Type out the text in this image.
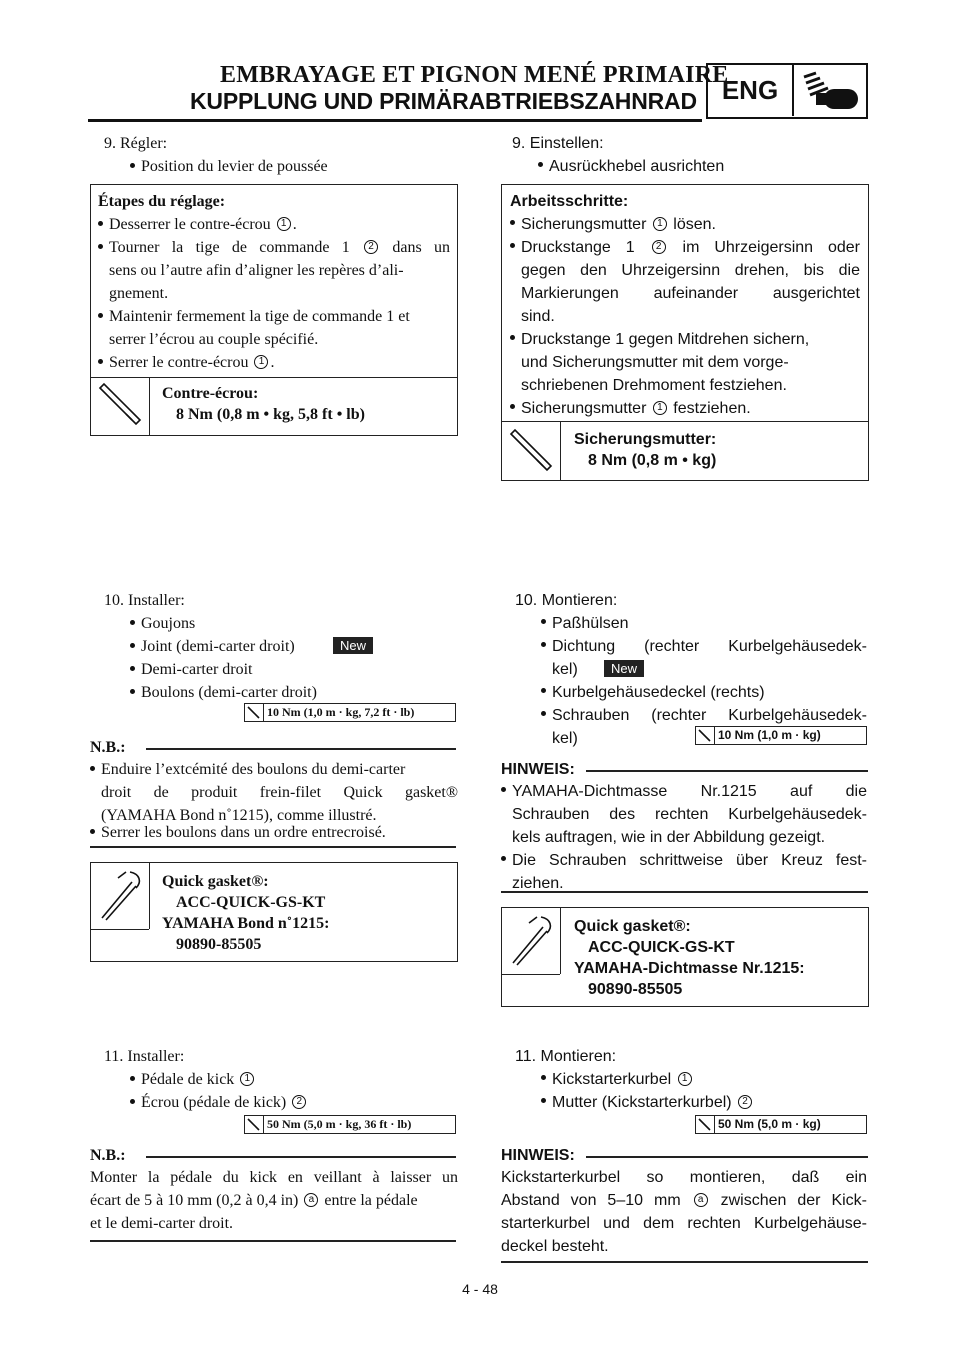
EMBRAYAGE ET PIGNON MENÉ PRIMAIRE
KUPPLUNG UND PRIMÄRABTRIEBSZAHNRAD ENG
9. Régler:
Position du levier de poussée
Étapes du réglage:
Desserrer le contre-écrou 1 .
Tourner la tige de commande 1 2 dans un
sens ou l’autre afin d’aligner les repères d’ali-
gnement.
Maintenir fermement la tige de commande 1 et
serrer l’écrou au couple spécifié.
Serrer le contre-écrou 1 .
Contre-écrou:
8 Nm (0,8 m • kg, 5,8 ft • lb)
10. Installer:
Goujons
Joint (demi-carter droit)	New
Demi-carter droit
Boulons (demi-carter droit)
10 Nm (1,0 m · kg, 7,2 ft · lb)
N.B.:
Enduire l’extcémité des boulons du demi-carter
droit de produit frein-filet Quick gasket®
(YAMAHA Bond n˚1215), comme illustré.
Serrer les boulons dans un ordre entrecroisé.
Quick gasket®:
ACC-QUICK-GS-KT
YAMAHA Bond n˚1215:
90890-85505
11. Installer:
Pédale de kick 1
Écrou (pédale de kick) 2
50 Nm (5,0 m · kg, 36 ft · lb)
N.B.:
Monter la pédale du kick en veillant à laisser un
écart de 5 à 10 mm (0,2 à 0,4 in) a entre la pédale
et le demi-carter droit.
9. Einstellen:
Ausrückhebel ausrichten
Arbeitsschritte:
Sicherungsmutter 1 lösen.
Druckstange 1 2 im Uhrzeigersinn oder
gegen den Uhrzeigersinn drehen, bis die
Markierungen aufeinander ausgerichtet
sind.
Druckstange 1 gegen Mitdrehen sichern,
und Sicherungsmutter mit dem vorge-
schriebenen Drehmoment festziehen.
Sicherungsmutter 1 festziehen.
Sicherungsmutter:
8 Nm (0,8 m • kg)
10. Montieren:
Paßhülsen
Dichtung (rechter Kurbelgehäusedek-
kel)	New
Kurbelgehäusedeckel (rechts)
Schrauben (rechter Kurbelgehäusedek-
kel)	10 Nm (1,0 m · kg)
HINWEIS:
YAMAHA-Dichtmasse Nr.1215 auf die
Schrauben des rechten Kurbelgehäusedek-
kels auftragen, wie in der Abbildung gezeigt.
Die Schrauben schrittweise über Kreuz fest-
ziehen.
Quick gasket®:
ACC-QUICK-GS-KT
YAMAHA-Dichtmasse Nr.1215:
90890-85505
11. Montieren:
Kickstarterkurbel 1
Mutter (Kickstarterkurbel) 2
50 Nm (5,0 m · kg)
HINWEIS:
Kickstarterkurbel so montieren, daß ein
Abstand von 5–10 mm a zwischen der Kick-
starterkurbel und dem rechten Kurbelgehäuse-
deckel besteht.
4 - 48
